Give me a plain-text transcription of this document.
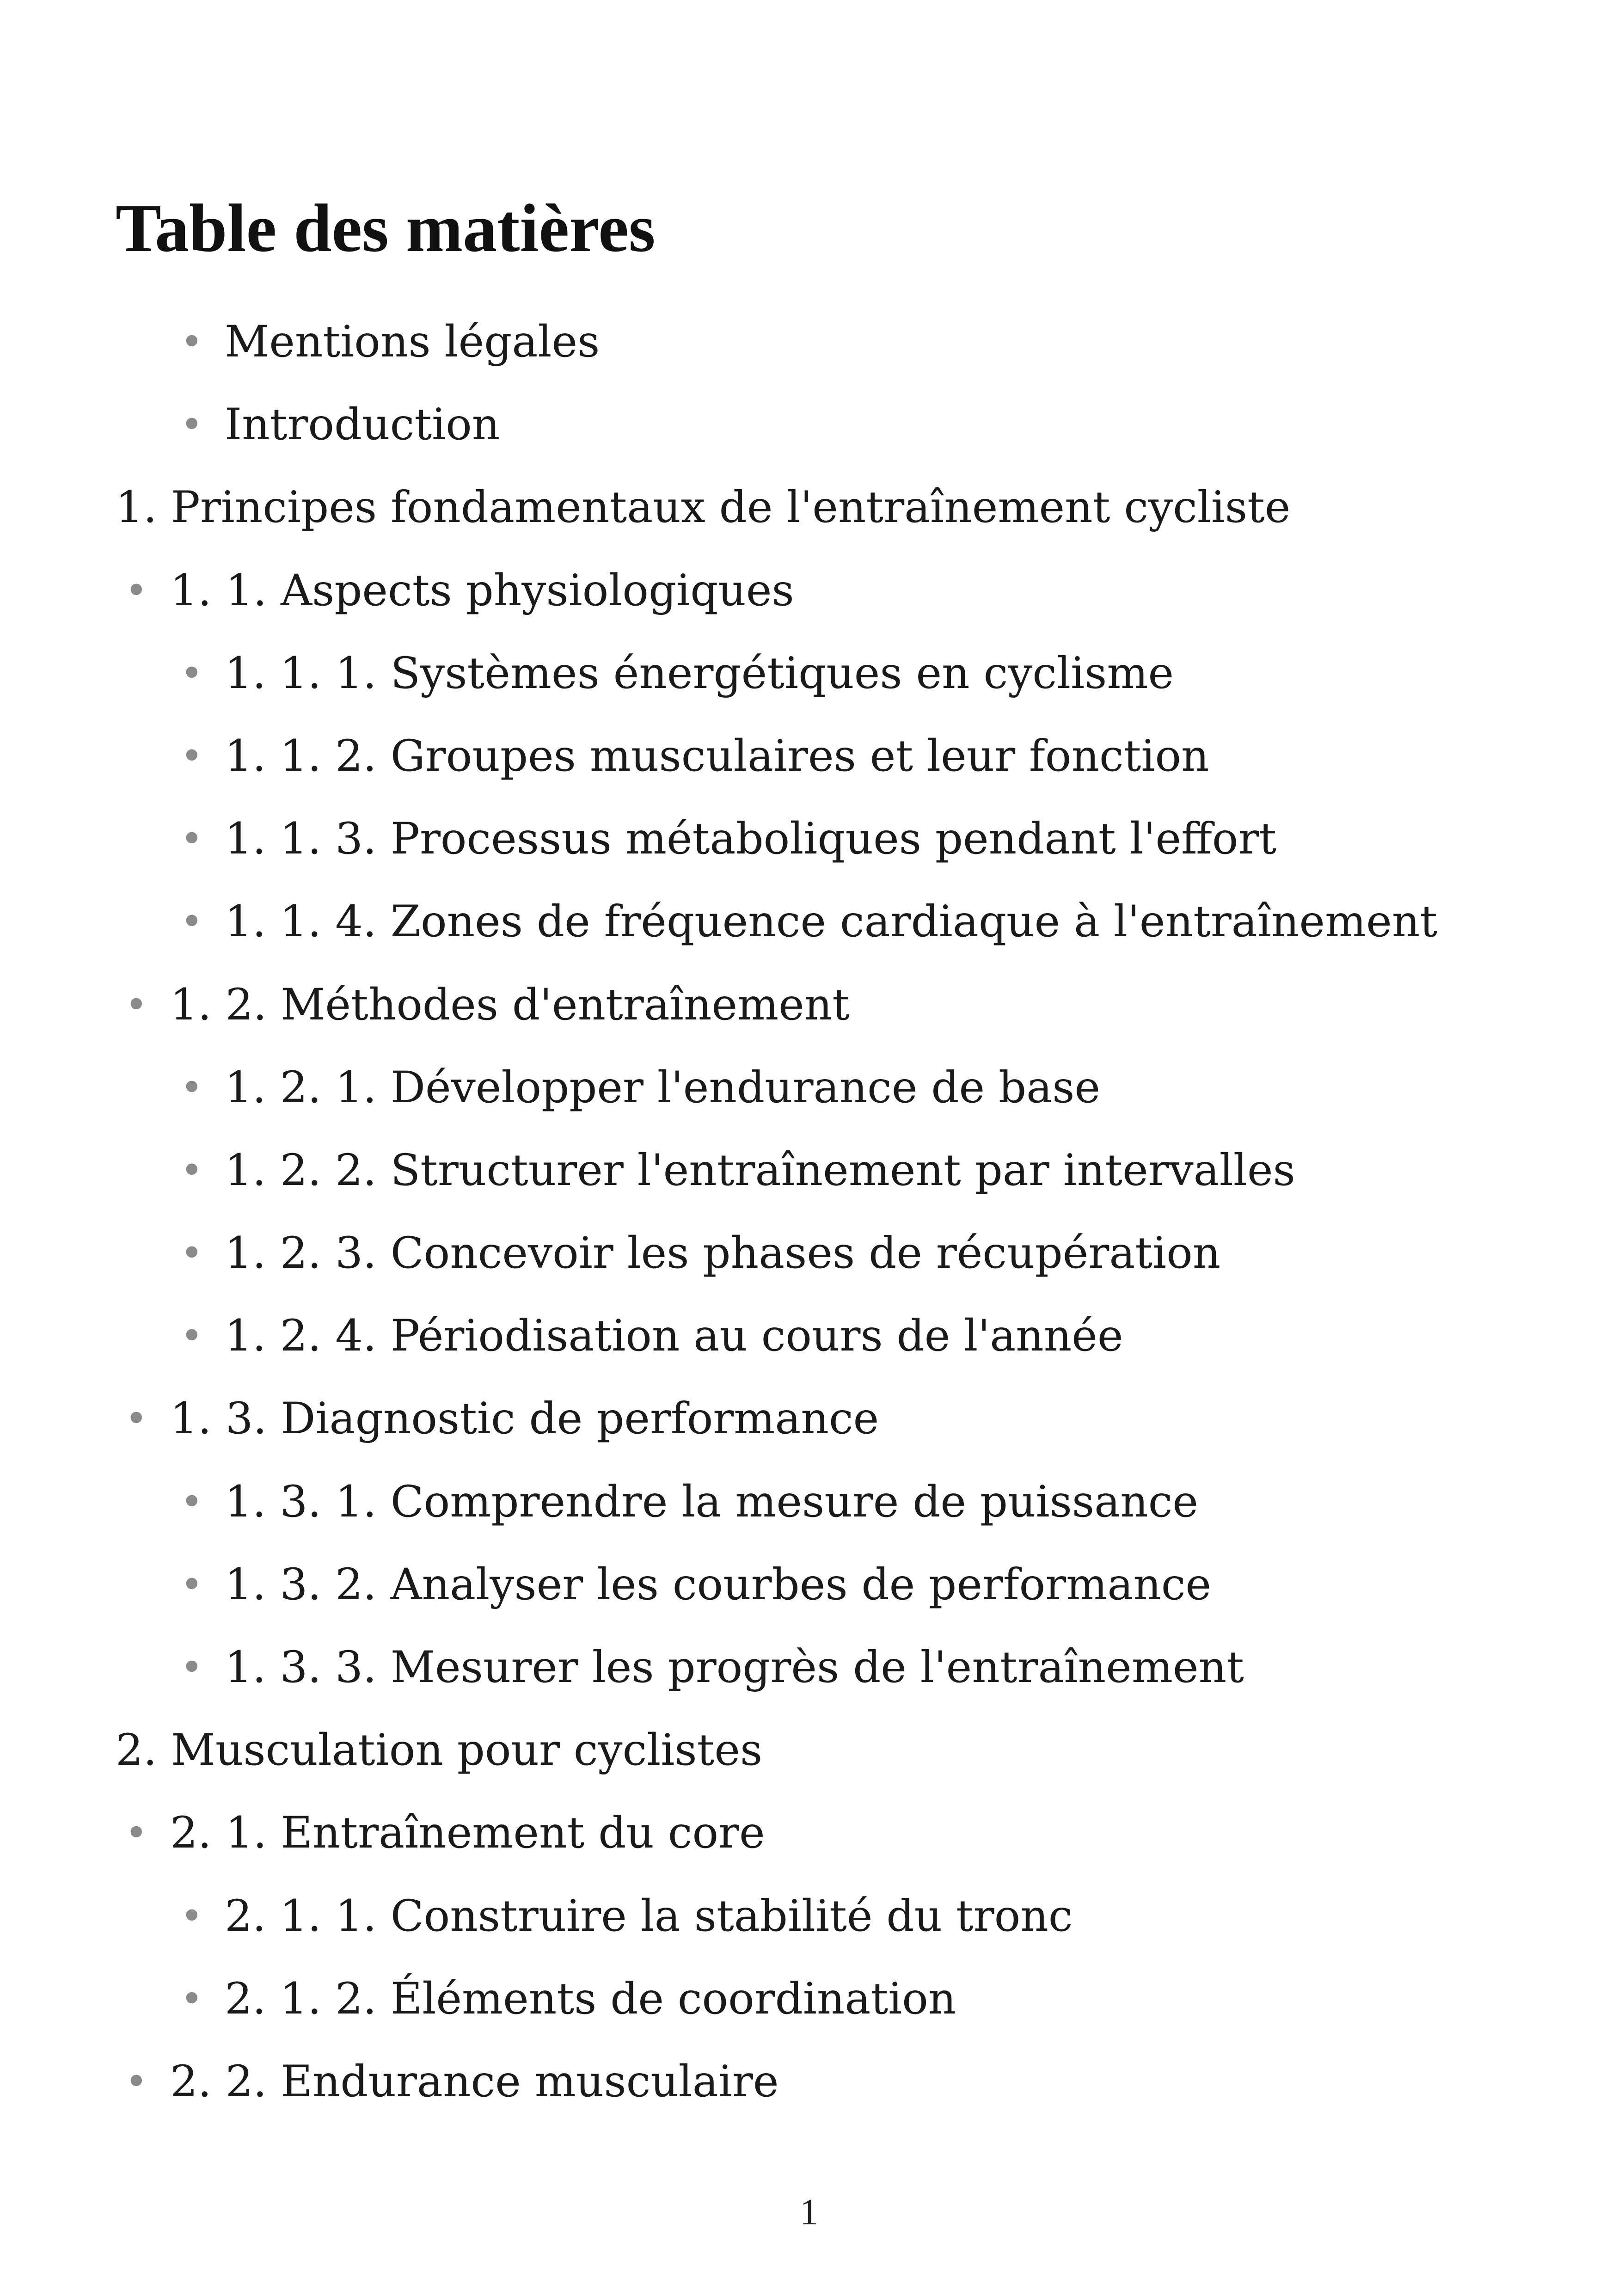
Table des matières
• Mentions légales
• Introduction
1. Principes fondamentaux de l'entraînement cycliste
• 1. 1. Aspects physiologiques
• 1. 1. 1. Systèmes énergétiques en cyclisme
• 1. 1. 2. Groupes musculaires et leur fonction
• 1. 1. 3. Processus métaboliques pendant l'effort
• 1. 1. 4. Zones de fréquence cardiaque à l'entraînement
• 1. 2. Méthodes d'entraînement
• 1. 2. 1. Développer l'endurance de base
• 1. 2. 2. Structurer l'entraînement par intervalles
• 1. 2. 3. Concevoir les phases de récupération
• 1. 2. 4. Périodisation au cours de l'année
• 1. 3. Diagnostic de performance
• 1. 3. 1. Comprendre la mesure de puissance
• 1. 3. 2. Analyser les courbes de performance
• 1. 3. 3. Mesurer les progrès de l'entraînement
2. Musculation pour cyclistes
• 2. 1. Entraînement du core
• 2. 1. 1. Construire la stabilité du tronc
• 2. 1. 2. Éléments de coordination
• 2. 2. Endurance musculaire
1
